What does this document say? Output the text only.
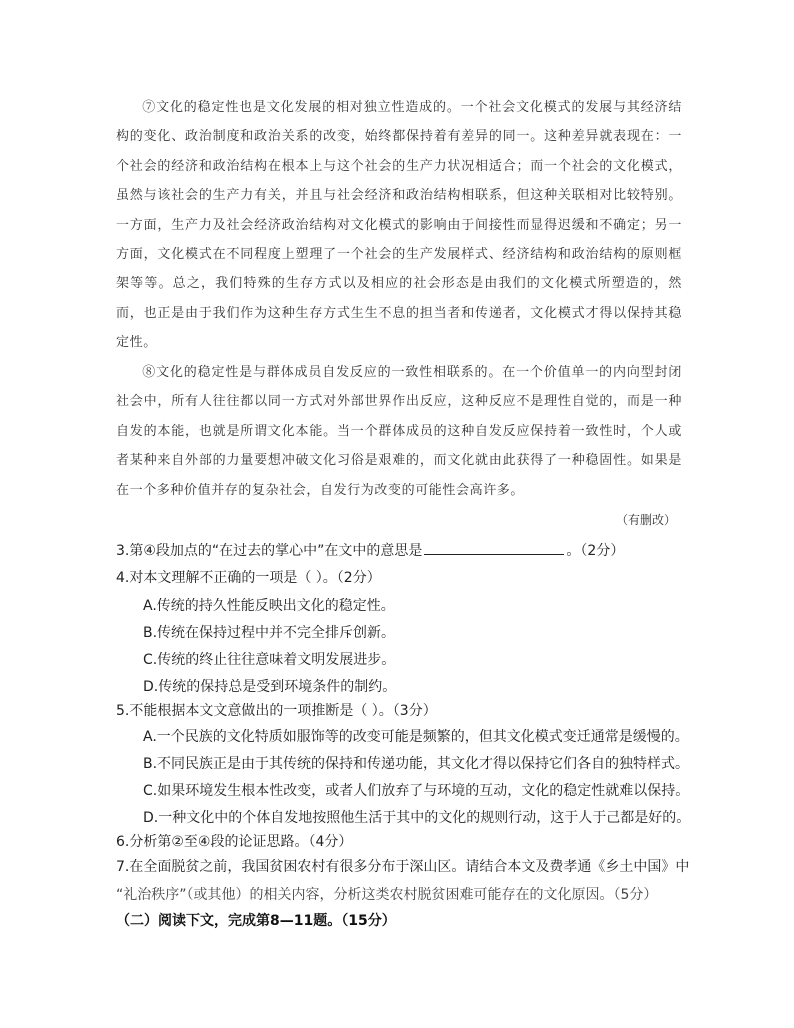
⑦文化的稳定性也是文化发展的相对独立性造成的。一个社会文化模式的发展与其经济结构的变化、政治制度和政治关系的改变，始终都保持着有差异的同一。这种差异就表现在：一个社会的经济和政治结构在根本上与这个社会的生产力状况相适合；而一个社会的文化模式，虽然与该社会的生产力有关，并且与社会经济和政治结构相联系，但这种关联相对比较特别。一方面，生产力及社会经济政治结构对文化模式的影响由于间接性而显得迟缓和不确定；另一方面，文化模式在不同程度上塑理了一个社会的生产发展样式、经济结构和政治结构的原则框架等等。总之，我们特殊的生存方式以及相应的社会形态是由我们的文化模式所塑造的，然而，也正是由于我们作为这种生存方式生生不息的担当者和传递者，文化模式才得以保持其稳定性。
⑧文化的稳定性是与群体成员自发反应的一致性相联系的。在一个价值单一的内向型封闭社会中，所有人往往都以同一方式对外部世界作出反应，这种反应不是理性自觉的，而是一种自发的本能，也就是所谓文化本能。当一个群体成员的这种自发反应保持着一致性时，个人或者某种来自外部的力量要想冲破文化习俗是艰难的，而文化就由此获得了一种稳固性。如果是在一个多种价值并存的复杂社会，自发行为改变的可能性会高许多。
（有删改）
3.第④段加点的“在过去的掌心中”在文中的意思是	。（2分）
4.对本文理解不正确的一项是（ ）。（2分）
A.传统的持久性能反映出文化的稳定性。
B.传统在保持过程中并不完全排斥创新。
C.传统的终止往往意味着文明发展进步。
D.传统的保持总是受到环境条件的制约。
5.不能根据本文文意做出的一项推断是（ ）。（3分）
A.一个民族的文化特质如服饰等的改变可能是频繁的，但其文化模式变迁通常是缓慢的。
B.不同民族正是由于其传统的保持和传递功能，其文化才得以保持它们各自的独特样式。
C.如果环境发生根本性改变，或者人们放弃了与环境的互动，文化的稳定性就难以保持。
D.一种文化中的个体自发地按照他生活于其中的文化的规则行动，这于人于己都是好的。
6.分析第②至④段的论证思路。（4分）
7.在全面脱贫之前，我国贫困农村有很多分布于深山区。请结合本文及费孝通《乡土中国》中
“礼治秩序”（或其他）的相关内容，分析这类农村脱贫困难可能存在的文化原因。（5分）
（二）阅读下文，完成第8—11题。（15分）
